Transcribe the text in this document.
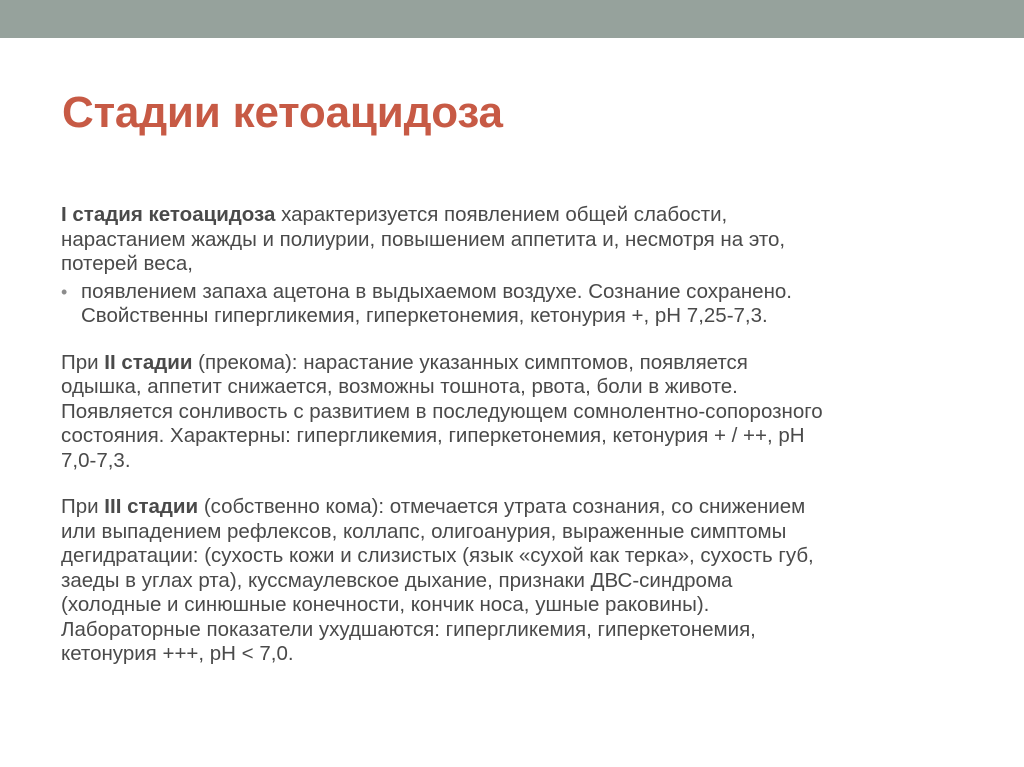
Стадии кетоацидоза

I стадия кетоацидоза характеризуется появлением общей слабости,
нарастанием жажды и полиурии, повышением аппетита и, несмотря на это,
потерей веса,

• появлением запаха ацетона в выдыхаемом воздухе. Сознание сохранено.
Свойственны гипергликемия, гиперкетонемия, кетонурия +, pH 7,25-7,3.

При II стадии (прекома): нарастание указанных симптомов, появляется
одышка, аппетит снижается, возможны тошнота, рвота, боли в животе.
Появляется сонливость с развитием в последующем сомнолентно-сопорозного
состояния. Характерны: гипергликемия, гиперкетонемия, кетонурия + / ++, pH
7,0-7,3.

При III стадии (собственно кома): отмечается утрата сознания, со снижением
или выпадением рефлексов, коллапс, олигоанурия, выраженные симптомы
дегидратации: (сухость кожи и слизистых (язык «сухой как терка», сухость губ,
заеды в углах рта), куссмаулевское дыхание, признаки ДВС-синдрома
(холодные и синюшные конечности, кончик носа, ушные раковины).
Лабораторные показатели ухудшаются: гипергликемия, гиперкетонемия,
кетонурия +++, pH < 7,0.
